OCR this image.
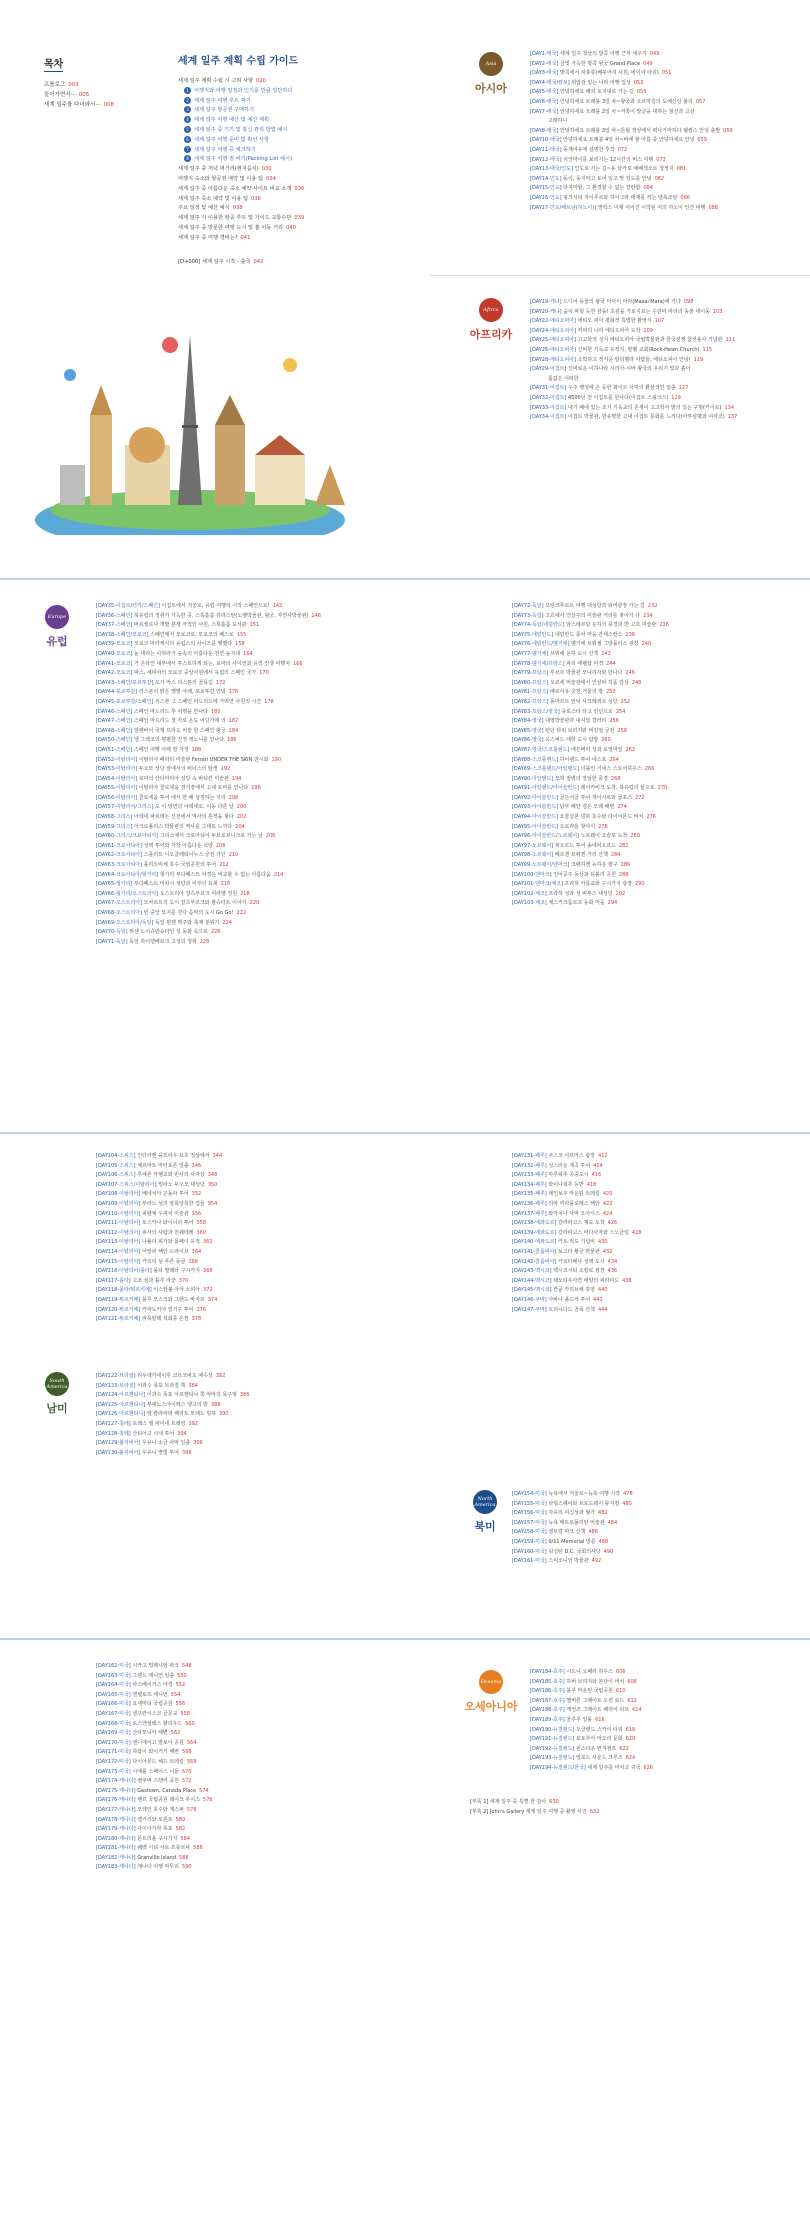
목차
프롤로그 003
들어가면서··· 005
세계 일주를 다녀와서··· 008
세계 일주 계획 수립 가이드
세계 일주 계획 수립 시 고려 사항 020
1 여행지와 여행 일정과 인기를 만큼 일단하다
2 세계 일주 여행 루트 짜기
3 세계 일주 항공권 구매하기
4 세계 일주 여행 예산 및 예산 계획
5 세계 일주 중 기기 및 통신 관리 방법 예시
6 세계 일주 여행 준비 및 확인 사항
7 세계 일주 여행 중 체크하기
8 세계 일주 여행 짐 싸기(Packing List 예시)
세계 일주 중 저녁 먹거리(현지음식) 030
여행지 숙소와 항공권 예약 및 이용 팁 034
세계 일주 중 아름다운 숙소 예약 사이트 비교 소개 036
세계 일주 숙소 예약 및 이용 팁 036
주요 일정 및 예산 예시 038
세계 일주 시 이용한 항공 루트 및 가이드 교통수단 039
세계 일주 중 방문한 여행 도시 및 홈 이동 거리 040
세계 일주 중 여행 경비는? 041
[D+000] 세계 일주 시작 - 출국 042
Asia
아시아
[DAY1-태국] 세계 일주 첫날의 방콕 여행 근처 세우기 049
[DAY2-태국] 금빛 가득한 방콕 왕궁 Grand Place 049
[DAY3-태국] 방콕에서 파충류(베두어리 사원, 바이야 타워) 051
[DAY4-태국/캄보] 위압감 있는 나라 여행 입성 053
[DAY5-태국] 안녕하세요 해외 토지대로 가는 길 055
[DAY6-태국] 안녕하세요 트래블 3일 차~왕궁과 오르막길의 도예신당 불리 057
[DAY7-태국] 안녕하세요 트래블 2일 차~서쪽이 말글을 대하는 점선과 고선
고래하니
[DAY8-태국] 안녕하세요 트래블 3일 차~톤힐 정상에서 떠나가마하다 웰컴스 안녕 출발 059
[DAY10-태국] 안녕하세요 트래블 4일 차~바에 할 아름 중 안녕하세요 안녕 059
[DAY11-태국] 동계여유에 설명한 후작 072
[DAY12-태국] 치앙마이를 보러가는 12시간의 버스 여행 073
[DAY13-태국/인도] 인도로 가는 길~동 닥카로 예배객소트 청정지 081
[DAY14-인도] 동이, 동지마고 토어 일고 맛 있도를 안녕 082
[DAY15-인도] 타지마할, 그 환경할 수 없는 찬란함 084
[DAY16-인도] 핑크시티 자이푸르와 하아그라 태제를 끼는 델록조랑 086
[DAY17-인도/베트남(하노이)] 영락스 이제 이어진 시작된 여의 하노이 인간 비행 088
Africa
아프리카
[DAY19-케냐] 드디어 동물의 왕국 마사이 마라(Masai Mara)에 가다 098
[DAY20-케냐] 숨이 막힐 듯한 감동! 초원을 가로지르는 수만마 마리의 동물 대이동 103
[DAY22-에티오피아] 에티오 피아 평화적 특별한 환영식 107
[DAY24-에티오피아] 커피의 나라 에티오피아 도착 109
[DAY25-에티오피아] 고고학적 성지 에티오피아 국립박물관과 한국전쟁 참전용사 기념관 111
[DAY26-에티오피아] 신비한 기독교 유적지, 랄벨 교회(Rock-Hewn Church) 115
[DAY28-에티오피아] 소박하고 정겨운 랄리벨라 사람들, 에티오피아 안녕! 119
[DAY29-이집트] 신비로운 이하나라 시리아-시바 왕국의 우리기 빛과 흙이
몸값은 어떠한
[DAY31-이집트] 우주 행성에 온 듯한 화이트 사막의 환상적인 일출 127
[DAY32-이집트] 4500년 전 이집트를 만나다(이집트 스핑크스) 129
[DAY33-이집트] 대기 배에 있는 조기 기독교의 존재이 고고학자 발의 있는 구멍(카이로) 134
[DAY34-이집트] 이집트 박물관, 한유명한 고대 이집트 문화를 느끼다(아부심벨과 이라코) 137
Europe
유럽
[DAY35-이집트/터키/스페인] 이집트에서 겨울로, 유럽 여행의 시작 스페인으로! 143
[DAY36-스페인] 북유럽의 정취가 가득한 곳, 스톡홀름 감라스탄(노벨박물관, 왕궁, 자연사박물관) 146
[DAY37-스페인] 바르셀로나 개발 분쟁 극적인 사원, 스톡홀름 도서관 151
[DAY38-스페인/모로코] 스페인에서 모로코로, 모로코의 페스로 155
[DAY39-모로코] 모로코 마라케시의 유럽스의 사이즈를 행했다 158
[DAY40-모로코] 눈 내리는 사하라가 숲속의 아름다운 천연 늪지대 164
[DAY41-모로코] 거 온라인 내부에서 투스트하게 되는, 로마의 사이언과 유적 인생 여행지 166
[DAY42-모로코] 파스, 세비야의 모로코 중앙사원에서 유럽의 스페인 국가 170
[DAY43-스페인/포르투갈] 오가 마스 리스본의 골목길 172
[DAY44-포르투갈] 리스본의 밝은 햇볕 아래, 포르투갈 안녕 176
[DAY45-포르투갈/스페인] 리스본 그 스페인 마드리드에 가려면 사원의 시간 178
[DAY46-스페인] 스페인 마드리드 쭈 여행을 만나다 180
[DAY47-스페인] 스페인 마드리드 첫 가로 온도 어딘가에 의 182
[DAY48-스페인] 알렌바이 국제 프라도 미술 한 스페인 왕궁 184
[DAY50-스페인] 엘 그레코의 평범한 진정 캐노니를 만나다 186
[DAY51-스페인] 스페인 여행 아래 방 가정 188
[DAY52-이탈리아] 이탈리아 페라리 미술관 Ferrari UNDER THE SKIN 전시회 190
[DAY53-이탈리아] 두오모 성당 앞에서의 비너스의 탄생 192
[DAY54-이탈리아] 로마의 산타마리아 성당 속 바티칸 미술관 194
[DAY55-이탈리아] 이탈리아 콜로세움 경기장에서 고대 로마를 만나다 196
[DAY56-이탈리아] 콜로세움 투어 에서 한 해 상징하는 자리 198
[DAY57-이탈리아/그리스] 도 이 방면의 아테네로, 이동 다른 날 200
[DAY58-그리스] 아테네 파르테논 신전에서 역사의 흔적을 찾다 202
[DAY59-그리스] 아크로폴리스 박물관의 역사를 그대로 느끼다 204
[DAY60-그리스/크로아티아] 그리스에서 크로아티아 두브로브니크로 가는 날 206
[DAY61-크로아티아] 성벽 투어와 가장 아름다운 석양 208
[DAY62-크로아티아] 스플리트 디오클레티아누스 궁전 가던 210
[DAY63-크로아티아] 플리트비체 호수 국립공원의 투어 212
[DAY64-크로아티아/헝가리] 헝가리 부다페스트 야경은 비교할 수 없는 아름다움 214
[DAY65-헝가리] 부다페스트 마차시 성당과 어부의 요새 216
[DAY66-헝가리/오스트리아] 오스트리아 잘츠부르크 미라벨 정원 218
[DAY67-오스트리아] 모차르트의 도시 잘츠부르크와 할슈타트 이야기 220
[DAY68-오스트리아] 빈 중앙 묘지를 걷다 음악의 도시 Go Go! 222
[DAY69-오스트리아/독일] 독일 뮌헨 맥주와 축제 분위기 224
[DAY70-독일] 퓌센 노이슈반슈타인 성 동화 속으로 226
[DAY71-독일] 독일 하이델베르크 고성의 정취 228
[DAY72-독일] 프랑크푸르트 여행 대성당과 뢰머광장 가는 길 232
[DAY73-독일] 고흐에서 인상주의 미술관 거리를 찾아가 다 234
[DAY74-독일/네덜란드] 암스테르담 운하의 풍경과 반 고흐 미술관 236
[DAY75-네덜란드] 네덜란드 풍차 마을 잔세스칸스 238
[DAY76-네덜란드/벨기에] 벨기에 브뤼셀 그랑플라스 광장 240
[DAY77-벨기에] 브뤼헤 운하 도시 산책 242
[DAY78-벨기에/프랑스] 파리 에펠탑 야경 244
[DAY79-프랑스] 루브르 박물관 모나리자와 만나다 246
[DAY80-프랑스] 오르세 미술관에서 인상파 작품 감상 248
[DAY81-프랑스] 베르사유 궁전 거울의 방 250
[DAY82-프랑스] 몽마르트 언덕 사크레쾨르 성당 252
[DAY83-프랑스/영국] 유로스타 타고 런던으로 254
[DAY84-영국] 대영박물관과 내셔널 갤러리 256
[DAY85-영국] 런던 타워 브리지와 버킹엄 궁전 258
[DAY86-영국] 옥스퍼드 대학 도시 탐방 260
[DAY87-영국/스코틀랜드] 에든버러 성과 로열마일 262
[DAY88-스코틀랜드] 하이랜드 투어 네스호 264
[DAY89-스코틀랜드/아일랜드] 더블린 기네스 스토어하우스 266
[DAY90-아일랜드] 모허 절벽의 장엄한 풍경 268
[DAY91-아일랜드/아이슬란드] 레이캬비크 도착, 북유럽의 끝으로 270
[DAY92-아이슬란드] 골든서클 투어 게이시르와 굴포스 272
[DAY93-아이슬란드] 남부 해안 검은 모래 해변 274
[DAY94-아이슬란드] 요쿨살론 빙하 호수와 다이아몬드 비치 276
[DAY95-아이슬란드] 오로라를 찾아서 278
[DAY96-아이슬란드/노르웨이] 노르웨이 오슬로 도착 280
[DAY97-노르웨이] 피오르드 투어 송네피오르드 282
[DAY98-노르웨이] 베르겐 브뤼겐 거리 산책 284
[DAY99-노르웨이/덴마크] 코펜하겐 뉴하운 항구 286
[DAY100-덴마크] 인어공주 동상과 티볼리 공원 288
[DAY101-덴마크/체코] 프라하 카를교와 구시가지 광장 290
[DAY102-체코] 프라하 성과 성 비투스 대성당 292
[DAY103-체코] 체스키크룸로프 동화 마을 294
[DAY104-스위스] 인터라켄 융프라우 요흐 정상에서 344
[DAY105-스위스] 체르마트 마터호른 일출 346
[DAY106-스위스] 루체른 카펠교와 빈사의 사자상 348
[DAY107-스위스/이탈리아] 밀라노 두오모 대성당 350
[DAY108-이탈리아] 베네치아 곤돌라 투어 352
[DAY109-이탈리아] 부라노 섬의 알록달록한 집들 354
[DAY110-이탈리아] 피렌체 우피치 미술관 356
[DAY111-이탈리아] 토스카나 와이너리 투어 358
[DAY112-이탈리아] 피사의 사탑과 친퀘테레 360
[DAY113-이탈리아] 나폴리 피자와 폼페이 유적 362
[DAY114-이탈리아] 아말피 해안 드라이브 364
[DAY115-이탈리아] 카프리 섬 푸른 동굴 366
[DAY116-이탈리아/몰타] 몰타 발레타 구시가지 368
[DAY117-몰타] 고조 섬과 블루 라군 370
[DAY118-몰타/튀르키예] 이스탄불 아야 소피아 372
[DAY119-튀르키예] 블루 모스크와 그랜드 바자르 374
[DAY120-튀르키예] 카파도키아 열기구 투어 376
[DAY121-튀르키예] 파묵칼레 석회층 온천 378
South America
남미
[DAY122-브라질] 리우데자네이루 코르코바도 예수상 382
[DAY123-브라질] 이과수 폭포 브라질 쪽 384
[DAY124-아르헨티나] 이과수 폭포 아르헨티나 쪽 악마의 목구멍 386
[DAY125-아르헨티나] 부에노스아이레스 탱고의 밤 388
[DAY126-아르헨티나] 엘 칼라파테 페리토 모레노 빙하 390
[DAY127-칠레] 토레스 델 파이네 트레킹 392
[DAY128-칠레] 산티아고 시내 투어 394
[DAY129-볼리비아] 우유니 소금 사막 일출 396
[DAY130-볼리비아] 우유니 별빛 투어 398
[DAY131-페루] 쿠스코 아르마스 광장 412
[DAY132-페루] 성스러운 계곡 투어 414
[DAY133-페루] 마추픽추 공중도시 416
[DAY134-페루] 와이나픽추 등반 418
[DAY135-페루] 레인보우 마운틴 트레킹 420
[DAY136-페루] 리마 미라플로레스 해안 422
[DAY137-페루] 와카치나 사막 오아시스 424
[DAY138-에콰도르] 갈라파고스 제도 도착 426
[DAY139-에콰도르] 갈라파고스 바다사자와 스노클링 428
[DAY140-에콰도르] 키토 적도 기념비 430
[DAY141-콜롬비아] 보고타 황금 박물관 432
[DAY142-콜롬비아] 카르타헤나 성벽 도시 434
[DAY143-멕시코] 멕시코시티 소칼로 광장 436
[DAY144-멕시코] 테오티우아칸 태양의 피라미드 438
[DAY145-멕시코] 칸쿤 카리브해 휴양 440
[DAY146-쿠바] 아바나 올드카 투어 442
[DAY147-쿠바] 트리니다드 골목 산책 444
North America
북미
[DAY154-미국] 뉴욕에서 겨울로~뉴욕 여행 시작 478
[DAY155-미국] 타임스퀘어와 브로드웨이 뮤지컬 480
[DAY156-미국] 자유의 여신상과 월가 482
[DAY157-미국] 뉴욕 메트로폴리탄 미술관 484
[DAY158-미국] 센트럴 파크 산책 486
[DAY159-미국] 9/11 Memorial 방문 488
[DAY160-미국] 워싱턴 D.C. 국회의사당 490
[DAY161-미국] 스미소니언 박물관 492
[DAY162-미국] 시카고 밀레니엄 파크 548
[DAY163-미국] 그랜드 캐니언 일출 550
[DAY164-미국] 라스베이거스 야경 552
[DAY165-미국] 앤텔로프 캐니언 554
[DAY166-미국] 요세미티 국립공원 556
[DAY167-미국] 샌프란시스코 금문교 558
[DAY168-미국] 로스앤젤레스 할리우드 560
[DAY169-미국] 산타모니카 해변 562
[DAY170-미국] 샌디에이고 발보아 공원 564
[DAY171-미국] 하와이 와이키키 해변 566
[DAY172-미국] 다이아몬드 헤드 트레킹 568
[DAY173-미국] 시애틀 스페이스 니들 570
[DAY174-캐나다] 밴쿠버 스탠리 공원 572
[DAY175-캐나다] Gastown, Canada Place 574
[DAY176-캐나다] 밴프 국립공원 레이크 루이스 576
[DAY177-캐나다] 모레인 호수와 재스퍼 578
[DAY178-캐나다] 캘거리와 토론토 580
[DAY179-캐나다] 나이아가라 폭포 582
[DAY180-캐나다] 몬트리올 구시가지 584
[DAY181-캐나다] 퀘벡 시티 샤토 프롱트낙 586
[DAY182-캐나다] Granville Island 588
[DAY183-캐나다] 캐나다 여행 마무리 590
Oceania
오세아니아
[DAY184-호주] 시드니 오페라 하우스 606
[DAY185-호주] 하버 브리지와 본다이 비치 608
[DAY186-호주] 블루 마운틴 국립공원 610
[DAY187-호주] 멜버른 그레이트 오션 로드 612
[DAY188-호주] 케언즈 그레이트 배리어 리프 614
[DAY189-호주] 울루루 일몰 616
[DAY190-뉴질랜드] 오클랜드 스카이 타워 618
[DAY191-뉴질랜드] 로토루아 마오리 문화 620
[DAY192-뉴질랜드] 퀸스타운 번지점프 622
[DAY193-뉴질랜드] 밀포드 사운드 크루즈 624
[DAY194-뉴질랜드/한국] 세계 일주를 마치고 귀국 626
[부록 1] 세계 일주 중 특별 한 감사 630
[부록 2] John's Gallery 세계 일주 여행 중 촬영 사진 632
